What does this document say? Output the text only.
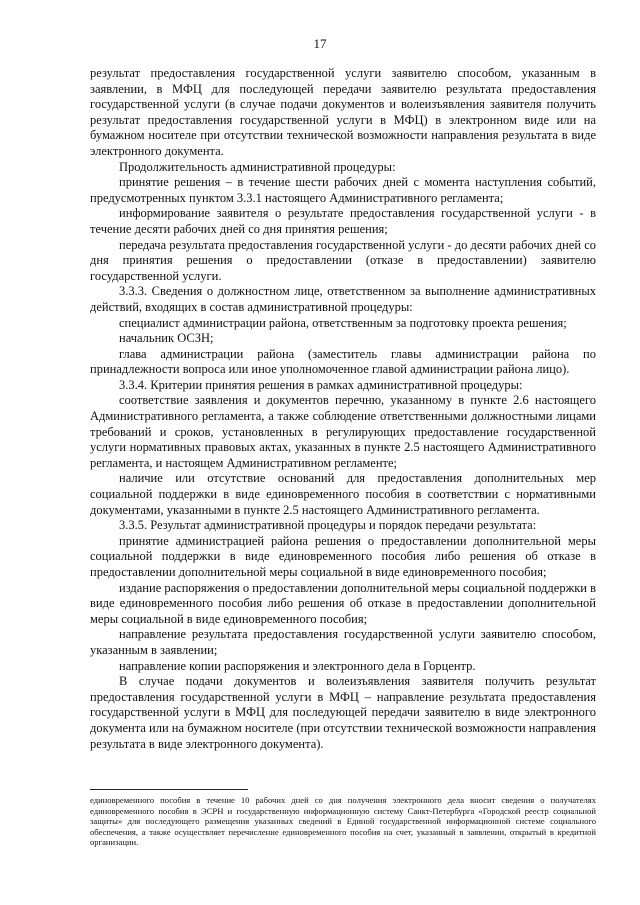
17

результат предоставления государственной услуги заявителю способом, указанным в заявлении, в МФЦ для последующей передачи заявителю результата предоставления государственной услуги (в случае подачи документов и волеизъявления заявителя получить результат предоставления государственной услуги в МФЦ) в электронном виде или на бумажном носителе при отсутствии технической возможности направления результата в виде электронного документа.

Продолжительность административной процедуры:

принятие решения – в течение шести рабочих дней с момента наступления событий, предусмотренных пунктом 3.3.1 настоящего Административного регламента;

информирование заявителя о результате предоставления государственной услуги - в течение десяти рабочих дней со дня принятия решения;

передача результата предоставления государственной услуги - до десяти рабочих дней со дня принятия решения о предоставлении (отказе в предоставлении) заявителю государственной услуги.

3.3.3. Сведения о должностном лице, ответственном за выполнение административных действий, входящих в состав административной процедуры:

специалист администрации района, ответственным за подготовку проекта решения;

начальник ОСЗН;

глава администрации района (заместитель главы администрации района по принадлежности вопроса или иное уполномоченное главой администрации района лицо).

3.3.4. Критерии принятия решения в рамках административной процедуры:

соответствие заявления и документов перечню, указанному в пункте 2.6 настоящего Административного регламента, а также соблюдение ответственными должностными лицами требований и сроков, установленных в регулирующих предоставление государственной услуги нормативных правовых актах, указанных в пункте 2.5 настоящего Административного регламента, и настоящем Административном регламенте;

наличие или отсутствие оснований для предоставления дополнительных мер социальной поддержки в виде единовременного пособия в соответствии с нормативными документами, указанными в пункте 2.5 настоящего Административного регламента.

3.3.5. Результат административной процедуры и порядок передачи результата:

принятие администрацией района решения о предоставлении дополнительной меры социальной поддержки в виде единовременного пособия либо решения об отказе в предоставлении дополнительной меры социальной в виде единовременного пособия;

издание распоряжения о предоставлении дополнительной меры социальной поддержки в виде единовременного пособия либо решения об отказе в предоставлении дополнительной меры социальной в виде единовременного пособия;

направление результата предоставления государственной услуги заявителю способом, указанным в заявлении;

направление копии распоряжения и электронного дела в Горцентр.

В случае подачи документов и волеизъявления заявителя получить результат предоставления государственной услуги в МФЦ – направление результата предоставления государственной услуги в МФЦ для последующей передачи заявителю в виде электронного документа или на бумажном носителе (при отсутствии технической возможности направления результата в виде электронного документа).

единовременного пособия в течение 10 рабочих дней со дня получения электронного дела вносит сведения о получателях единовременного пособия в ЭСРН и государственную информационную систему Санкт-Петербурга «Городской реестр социальной защиты» для последующего размещения указанных сведений в Единой государственной информационной системе социального обеспечения, а также осуществляет перечисление единовременного пособия на счет, указанный в заявлении, открытый в кредитной организации.
